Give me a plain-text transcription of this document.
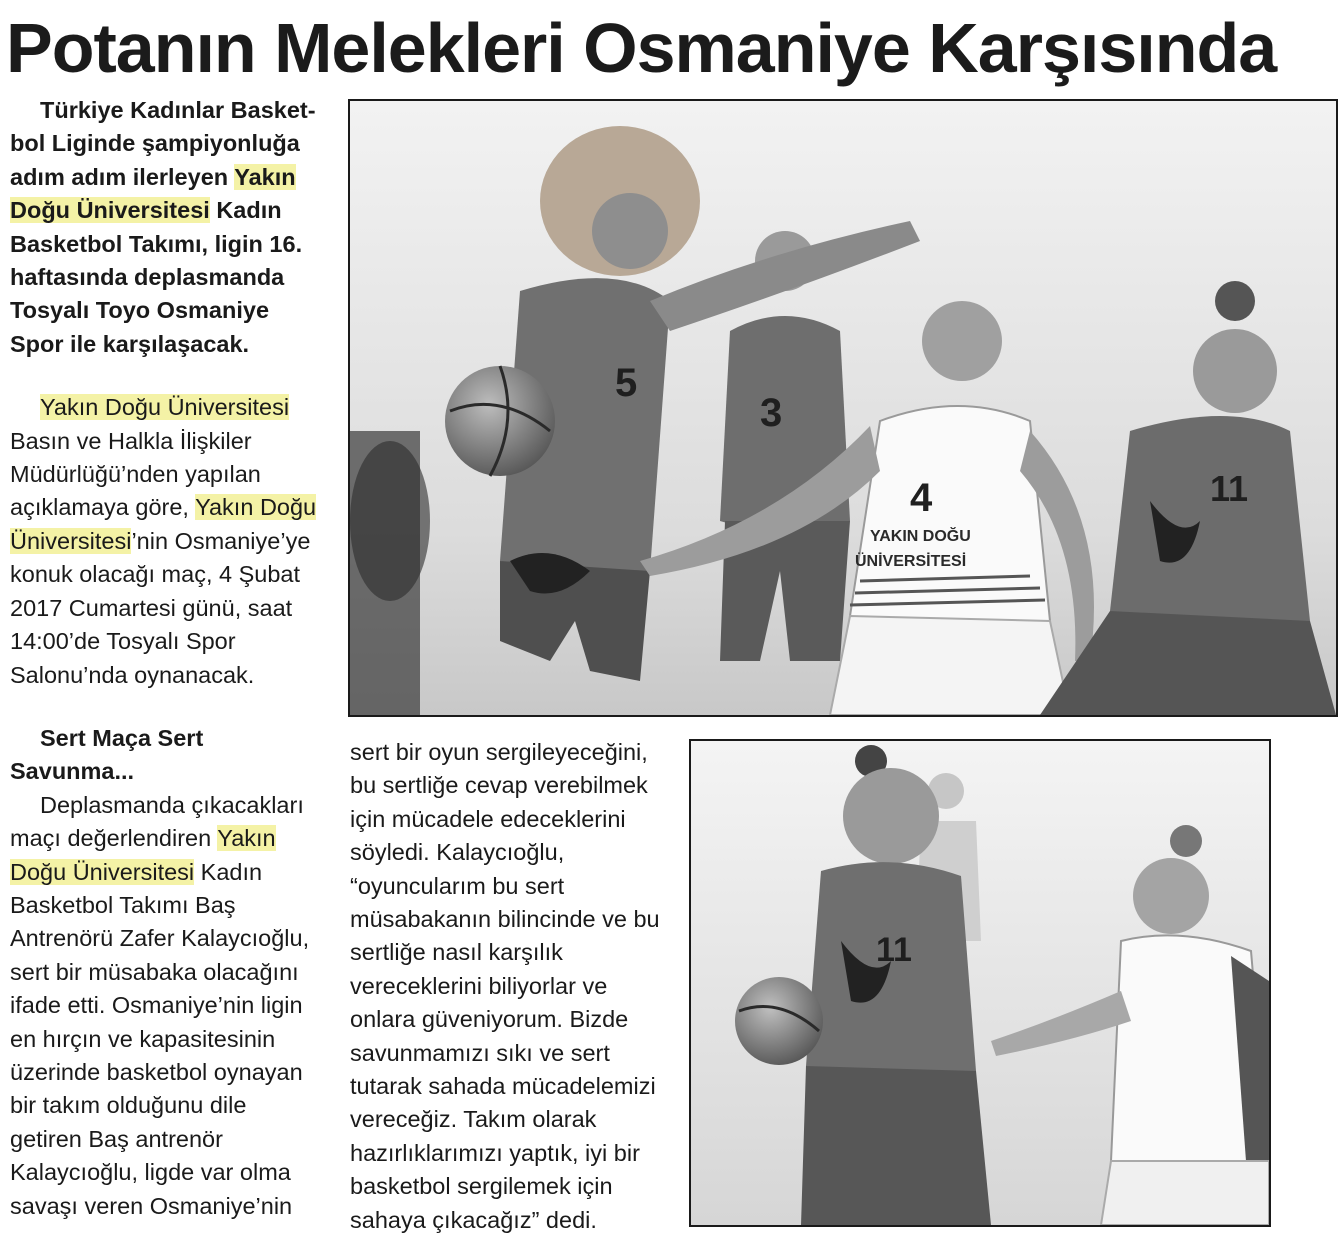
Potanın Melekleri Osmaniye Karşısında

Türkiye Kadınlar Basket-bol Liginde şampiyonluğa adım adım ilerleyen Yakın Doğu Üniversitesi Kadın Basketbol Takımı, ligin 16. haftasında deplasmanda Tosyalı Toyo Osmaniye Spor ile karşılaşacak.

Yakın Doğu Üniversitesi Basın ve Halkla İlişkiler Müdürlüğü’nden yapılan açıklamaya göre, Yakın Doğu Üniversitesi’nin Osmaniye’ye konuk olacağı maç, 4 Şubat 2017 Cumartesi günü, saat 14:00’de Tosyalı Spor Salonu’nda oynanacak.

Sert Maça Sert Savunma...

Deplasmanda çıkacakları maçı değerlendiren Yakın Doğu Üniversitesi Kadın Basketbol Takımı Baş Antrenörü Zafer Kalaycıoğlu, sert bir müsabaka olacağını ifade etti. Osmaniye’nin ligin en hırçın ve kapasitesinin üzerinde basketbol oynayan bir takım olduğunu dile getiren Baş antrenör Kalaycıoğlu, ligde var olma savaşı veren Osmaniye’nin

sert bir oyun sergileyeceğini, bu sertliğe cevap verebilmek için mücadele edeceklerini söyledi. Kalaycıoğlu, “oyuncularım bu sert müsabakanın bilincinde ve bu sertliğe nasıl karşılık vereceklerini biliyorlar ve onlara güveniyorum. Bizde savunmamızı sıkı ve sert tutarak sahada mücadelemizi vereceğiz. Takım olarak hazırlıklarımızı yaptık, iyi bir basketbol sergilemek için sahaya çıkacağız” dedi.

3
5
4
YAKIN DOĞU
ÜNİVERSİTESİ
11
11
